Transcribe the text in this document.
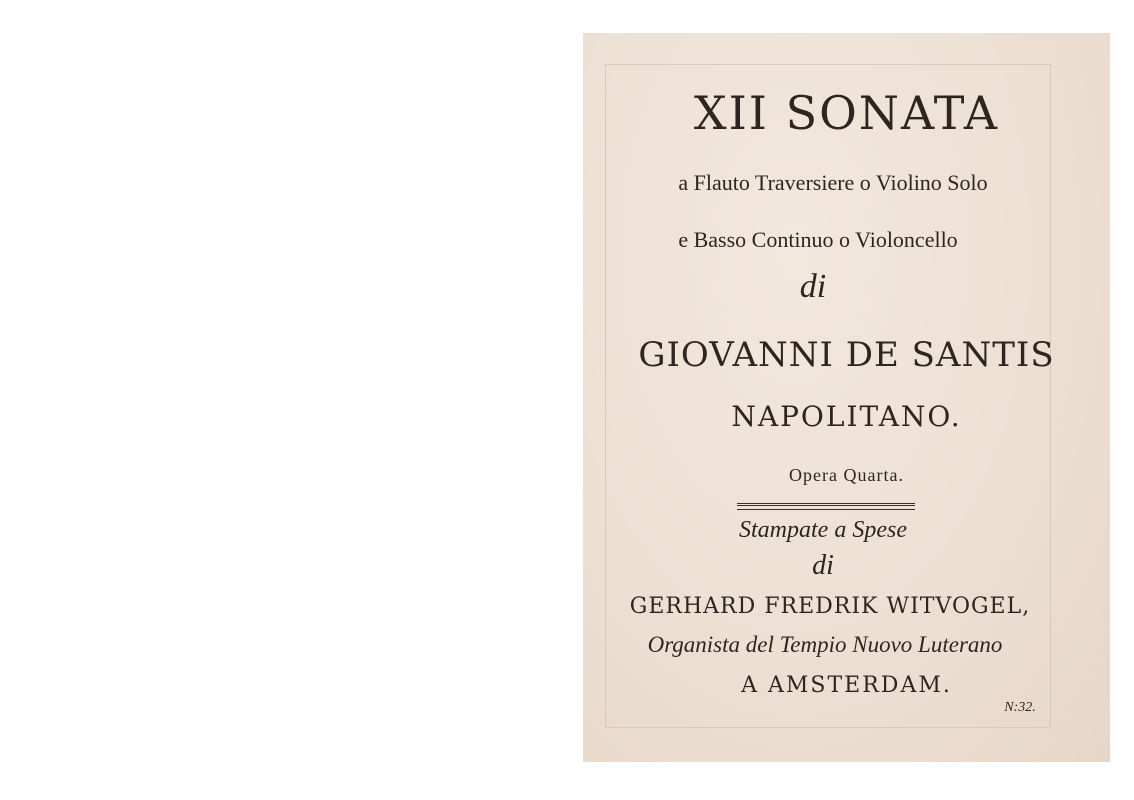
XII SONATA
a Flauto Traversiere o Violino Solo
e Basso Continuo o Violoncello
di
GIOVANNI DE SANTIS
NAPOLITANO.
Opera Quarta.
Stampate a Spese
di
GERHARD FREDRIK WITVOGEL,
Organista del Tempio Nuovo Luterano
A AMSTERDAM.
N:32.
